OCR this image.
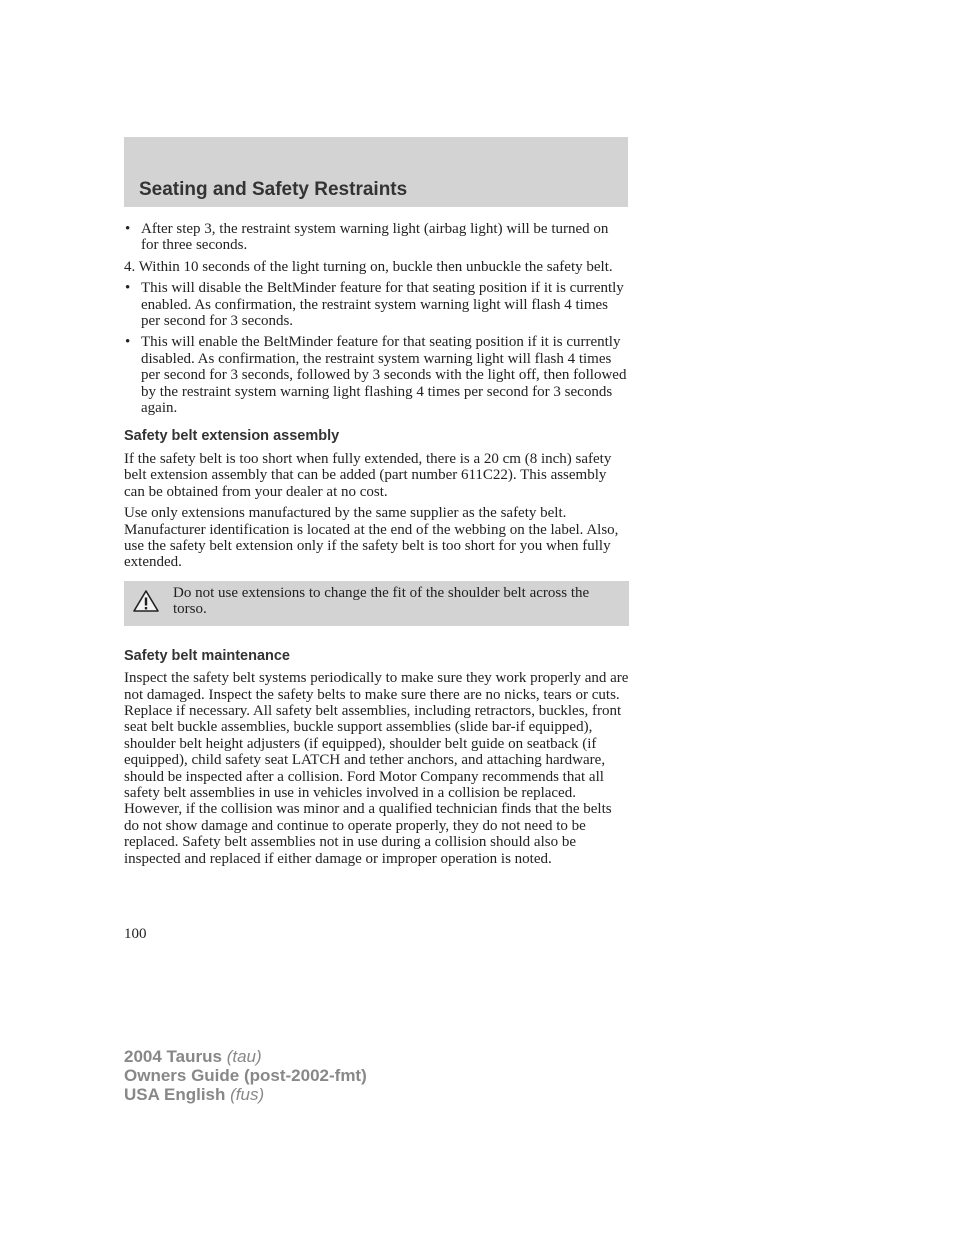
Seating and Safety Restraints
• After step 3, the restraint system warning light (airbag light) will be turned on for three seconds.

4. Within 10 seconds of the light turning on, buckle then unbuckle the safety belt.

• This will disable the BeltMinder feature for that seating position if it is currently enabled. As confirmation, the restraint system warning light will flash 4 times per second for 3 seconds.
• This will enable the BeltMinder feature for that seating position if it is currently disabled. As confirmation, the restraint system warning light will flash 4 times per second for 3 seconds, followed by 3 seconds with the light off, then followed by the restraint system warning light flashing 4 times per second for 3 seconds again.
Safety belt extension assembly

If the safety belt is too short when fully extended, there is a 20 cm (8 inch) safety belt extension assembly that can be added (part number 611C22). This assembly can be obtained from your dealer at no cost.

Use only extensions manufactured by the same supplier as the safety belt. Manufacturer identification is located at the end of the webbing on the label. Also, use the safety belt extension only if the safety belt is too short for you when fully extended.

Do not use extensions to change the fit of the shoulder belt across the torso.
Safety belt maintenance

Inspect the safety belt systems periodically to make sure they work properly and are not damaged. Inspect the safety belts to make sure there are no nicks, tears or cuts. Replace if necessary. All safety belt assemblies, including retractors, buckles, front seat belt buckle assemblies, buckle support assemblies (slide bar-if equipped), shoulder belt height adjusters (if equipped), shoulder belt guide on seatback (if equipped), child safety seat LATCH and tether anchors, and attaching hardware, should be inspected after a collision. Ford Motor Company recommends that all safety belt assemblies in use in vehicles involved in a collision be replaced. However, if the collision was minor and a qualified technician finds that the belts do not show damage and continue to operate properly, they do not need to be replaced. Safety belt assemblies not in use during a collision should also be inspected and replaced if either damage or improper operation is noted.

100
2004 Taurus (tau)
Owners Guide (post-2002-fmt)
USA English (fus)
